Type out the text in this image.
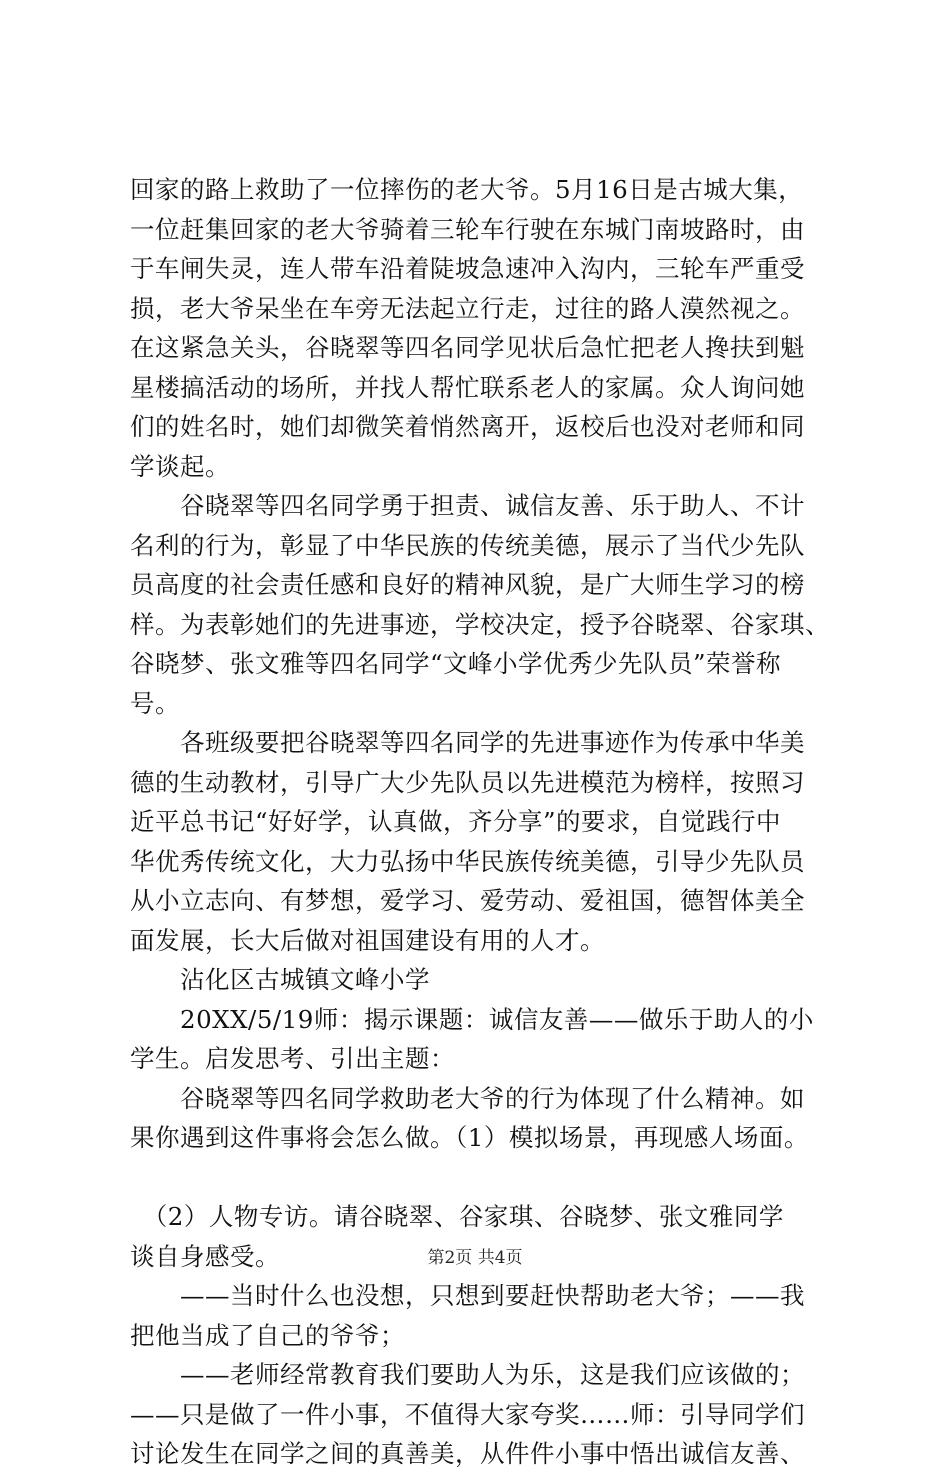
回家的路上救助了一位摔伤的老大爷。5月16日是古城大集，
一位赶集回家的老大爷骑着三轮车行驶在东城门南坡路时，由
于车闸失灵，连人带车沿着陡坡急速冲入沟内，三轮车严重受
损，老大爷呆坐在车旁无法起立行走，过往的路人漠然视之。
在这紧急关头，谷晓翠等四名同学见状后急忙把老人搀扶到魁
星楼搞活动的场所，并找人帮忙联系老人的家属。众人询问她
们的姓名时，她们却微笑着悄然离开，返校后也没对老师和同
学谈起。
　　谷晓翠等四名同学勇于担责、诚信友善、乐于助人、不计
名利的行为，彰显了中华民族的传统美德，展示了当代少先队
员高度的社会责任感和良好的精神风貌，是广大师生学习的榜
样。为表彰她们的先进事迹，学校决定，授予谷晓翠、谷家琪、
谷晓梦、张文雅等四名同学“文峰小学优秀少先队员”荣誉称
号。
　　各班级要把谷晓翠等四名同学的先进事迹作为传承中华美
德的生动教材，引导广大少先队员以先进模范为榜样，按照习
近平总书记“好好学，认真做，齐分享”的要求，自觉践行中
华优秀传统文化，大力弘扬中华民族传统美德，引导少先队员
从小立志向、有梦想，爱学习、爱劳动、爱祖国，德智体美全
面发展，长大后做对祖国建设有用的人才。
　　沾化区古城镇文峰小学
　　20XX/5/19师：揭示课题：诚信友善——做乐于助人的小
学生。启发思考、引出主题：
　　谷晓翠等四名同学救助老大爷的行为体现了什么精神。如
果你遇到这件事将会怎么做。（1）模拟场景，再现感人场面。
　（2）人物专访。请谷晓翠、谷家琪、谷晓梦、张文雅同学
谈自身感受。
　　——当时什么也没想，只想到要赶快帮助老大爷；——我
把他当成了自己的爷爷；
　　——老师经常教育我们要助人为乐，这是我们应该做的；
——只是做了一件小事，不值得大家夸奖……师：引导同学们
讨论发生在同学之间的真善美，从件件小事中悟出诚信友善、
第2页 共4页
